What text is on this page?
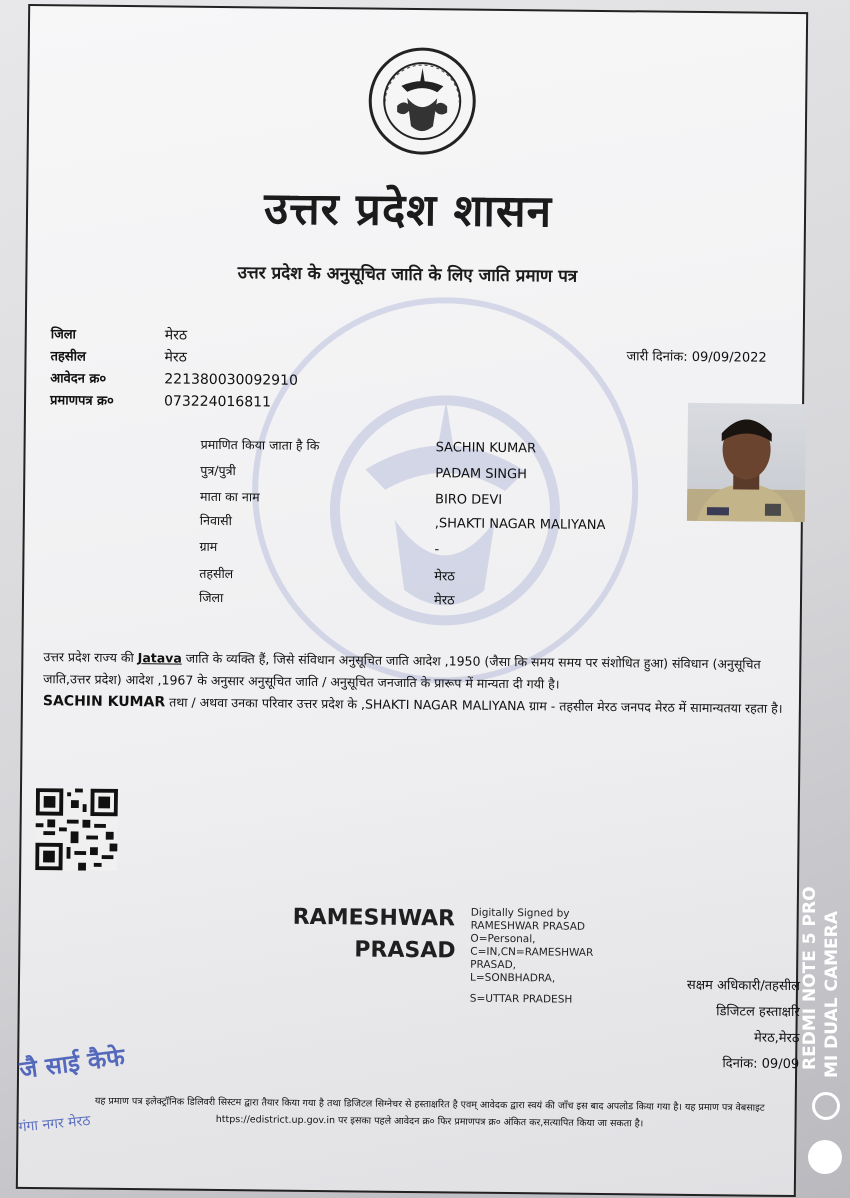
उत्तर प्रदेश शासन
उत्तर प्रदेश के अनुसूचित जाति के लिए जाति प्रमाण पत्र
जिला	मेरठ
तहसील	मेरठ
आवेदन क्र०	221380030092910
प्रमाणपत्र क्र०	073224016811
जारी दिनांक: 09/09/2022
प्रमाणित किया जाता है कि	SACHIN KUMAR
पुत्र/पुत्री	PADAM SINGH
माता का नाम	BIRO DEVI
निवासी	,SHAKTI NAGAR MALIYANA
ग्राम	-
तहसील	मेरठ
जिला	मेरठ
उत्तर प्रदेश राज्य की Jatava जाति के व्यक्ति हैं, जिसे संविधान अनुसूचित जाति आदेश ,1950 (जैसा कि समय समय पर संशोधित हुआ) संविधान (अनुसूचित जाति,उत्तर प्रदेश) आदेश ,1967 के अनुसार अनुसूचित जाति / अनुसूचित जनजाति के प्रारूप में मान्यता दी गयी है।
SACHIN KUMAR तथा / अथवा उनका परिवार उत्तर प्रदेश के ,SHAKTI NAGAR MALIYANA ग्राम - तहसील मेरठ जनपद मेरठ में सामान्यतया रहता है।
RAMESHWAR
PRASAD
Digitally Signed by
RAMESHWAR PRASAD
O=Personal,
C=IN,CN=RAMESHWAR
PRASAD,
L=SONBHADRA,
S=UTTAR PRADESH
सक्षम अधिकारी/तहसील
डिजिटल हस्ताक्षरि
मेरठ,मेरठ
दिनांक: 09/09
जै साई कैफे
गंगा नगर मेरठ
यह प्रमाण पत्र इलेक्ट्रॉनिक डिलिवरी सिस्टम द्वारा तैयार किया गया है तथा डिजिटल सिग्नेचर से हस्ताक्षरित है एवम् आवेदक द्वारा स्वयं की जाँच इस बाद अपलोड किया गया है। यह प्रमाण पत्र वेबसाइट https://edistrict.up.gov.in पर इसका पहले आवेदन क्र० फिर प्रमाणपत्र क्र० अंकित कर,सत्यापित किया जा सकता है।
REDMI NOTE 5 PRO MI DUAL CAMERA
